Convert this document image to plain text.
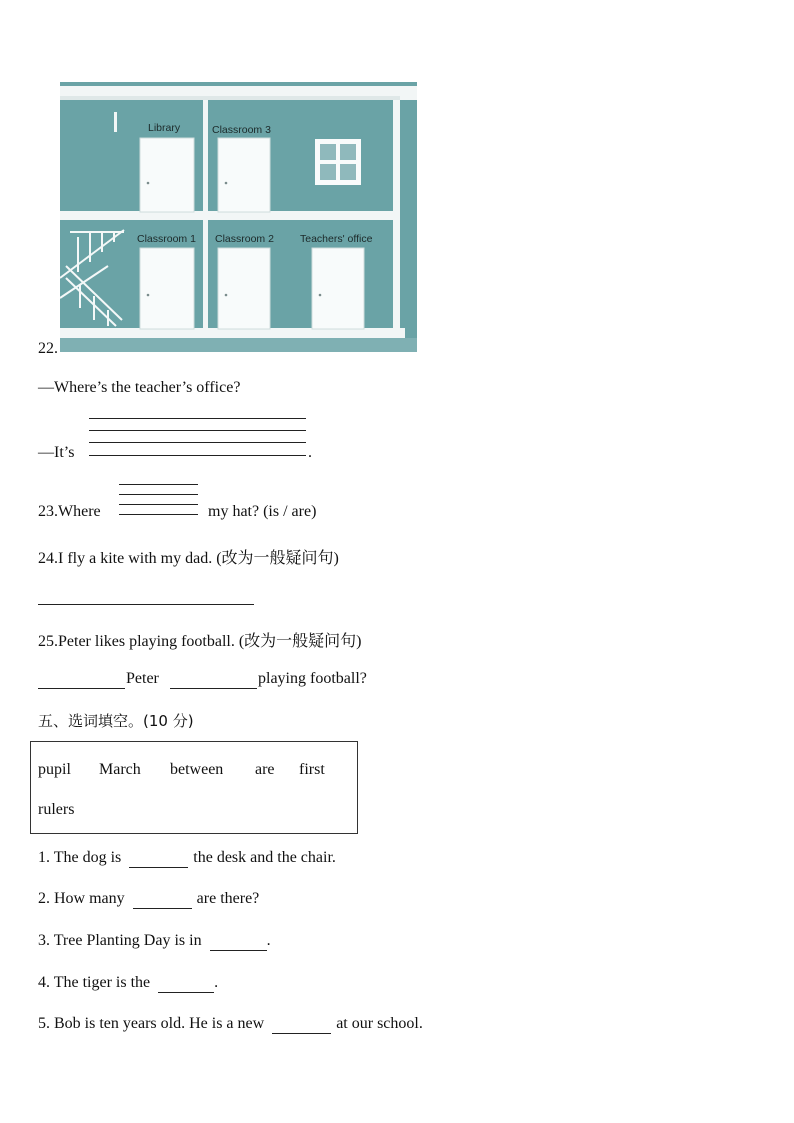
Library	Classroom 3
Classroom 1 Classroom 2 Teachers' office
22.
—Where’s the teacher’s office?
—It’s	.
23.Where	my hat? (is / are)
24.I fly a kite with my dad. (改为一般疑问句)
25.Peter likes playing football. (改为一般疑问句)
Peter	playing football?
五、选词填空。(10 分)
pupil March between are first
rulers
1. The dog is	the desk and the chair.
2. How many	are there?
3. Tree Planting Day is in	.
4. The tiger is the	.
5. Bob is ten years old. He is a new	at our school.
